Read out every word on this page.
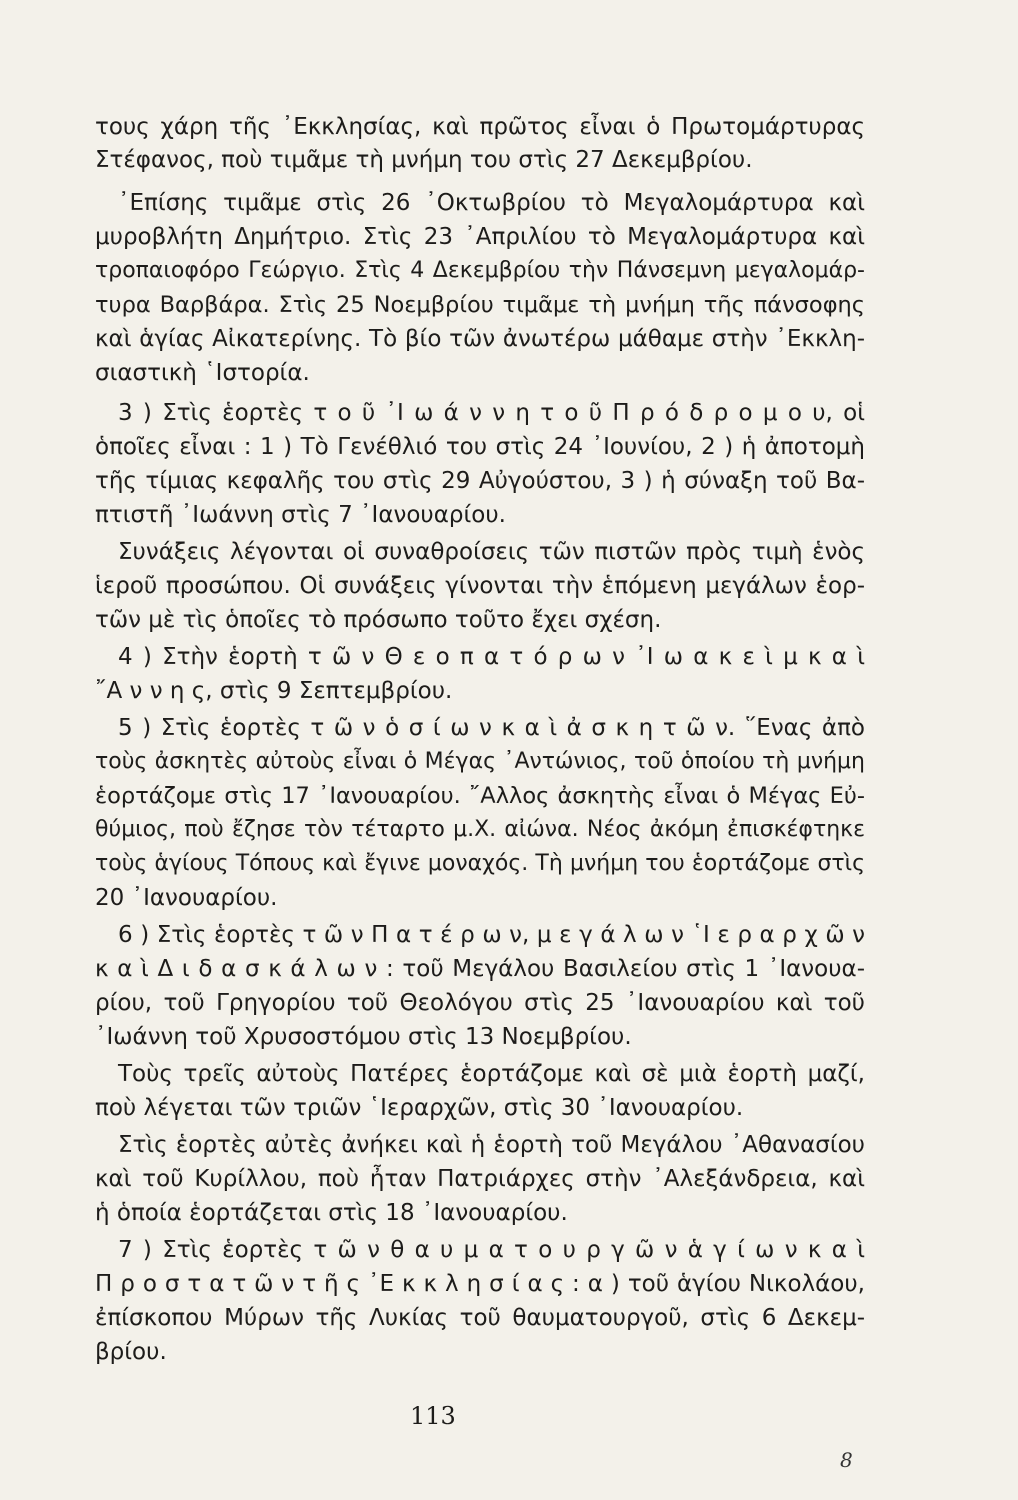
τους χάρη τῆς ᾿Εκκλησίας, καὶ πρῶτος εἶναι ὁ Πρωτομάρτυρας
Στέφανος, ποὺ τιμᾶμε τὴ μνήμη του στὶς 27 Δεκεμβρίου.
᾿Επίσης τιμᾶμε στὶς 26 ᾿Οκτωβρίου τὸ Μεγαλομάρτυρα καὶ
μυροβλήτη Δημήτριο. Στὶς 23 ᾿Απριλίου τὸ Μεγαλομάρτυρα καὶ
τροπαιοφόρο Γεώργιο. Στὶς 4 Δεκεμβρίου τὴν Πάνσεμνη μεγαλομάρ-
τυρα Βαρβάρα. Στὶς 25 Νοεμβρίου τιμᾶμε τὴ μνήμη τῆς πάνσοφης
καὶ ἁγίας Αἰκατερίνης. Τὸ βίο τῶν ἀνωτέρω μάθαμε στὴν ᾿Εκκλη-
σιαστικὴ ῾Ιστορία.
3 ) Στὶς ἑορτὲς τ ο ῦ ᾿Ι ω ά ν ν η τ ο ῦ Π ρ ό δ ρ ο μ ο υ, οἱ
ὁποῖες εἶναι : 1 ) Τὸ Γενέθλιό του στὶς 24 ᾿Ιουνίου, 2 ) ἡ ἀποτομὴ
τῆς τίμιας κεφαλῆς του στὶς 29 Αὐγούστου, 3 ) ἡ σύναξη τοῦ Βα-
πτιστῆ ᾿Ιωάννη στὶς 7 ᾿Ιανουαρίου.
Συνάξεις λέγονται οἱ συναθροίσεις τῶν πιστῶν πρὸς τιμὴ ἑνὸς
ἱεροῦ προσώπου. Οἱ συνάξεις γίνονται τὴν ἑπόμενη μεγάλων ἑορ-
τῶν μὲ τὶς ὁποῖες τὸ πρόσωπο τοῦτο ἔχει σχέση.
4 ) Στὴν ἑορτὴ τ ῶ ν Θ ε ο π α τ ό ρ ω ν ᾿Ι ω α κ ε ὶ μ κ α ὶ
῎Α ν ν η ς, στὶς 9 Σεπτεμβρίου.
5 ) Στὶς ἑορτὲς τ ῶ ν ὁ σ ί ω ν κ α ὶ ἀ σ κ η τ ῶ ν. ῞Ενας ἀπὸ
τοὺς ἀσκητὲς αὐτοὺς εἶναι ὁ Μέγας ᾿Αντώνιος, τοῦ ὁποίου τὴ μνήμη
ἑορτάζομε στὶς 17 ᾿Ιανουαρίου. ῎Αλλος ἀσκητὴς εἶναι ὁ Μέγας Εὐ-
θύμιος, ποὺ ἔζησε τὸν τέταρτο μ.Χ. αἰώνα. Νέος ἀκόμη ἐπισκέφτηκε
τοὺς ἁγίους Τόπους καὶ ἔγινε μοναχός. Τὴ μνήμη του ἑορτάζομε στὶς
20 ᾿Ιανουαρίου.
6 ) Στὶς ἑορτὲς τ ῶ ν Π α τ έ ρ ω ν, μ ε γ ά λ ω ν ῾Ι ε ρ α ρ χ ῶ ν
κ α ὶ Δ ι δ α σ κ ά λ ω ν : τοῦ Μεγάλου Βασιλείου στὶς 1 ᾿Ιανουα-
ρίου, τοῦ Γρηγορίου τοῦ Θεολόγου στὶς 25 ᾿Ιανουαρίου καὶ τοῦ
᾿Ιωάννη τοῦ Χρυσοστόμου στὶς 13 Νοεμβρίου.
Τοὺς τρεῖς αὐτοὺς Πατέρες ἑορτάζομε καὶ σὲ μιὰ ἑορτὴ μαζί,
ποὺ λέγεται τῶν τριῶν ῾Ιεραρχῶν, στὶς 30 ᾿Ιανουαρίου.
Στὶς ἑορτὲς αὐτὲς ἀνήκει καὶ ἡ ἑορτὴ τοῦ Μεγάλου ᾿Αθανασίου
καὶ τοῦ Κυρίλλου, ποὺ ἦταν Πατριάρχες στὴν ᾿Αλεξάνδρεια, καὶ
ἡ ὁποία ἑορτάζεται στὶς 18 ᾿Ιανουαρίου.
7 ) Στὶς ἑορτὲς τ ῶ ν θ α υ μ α τ ο υ ρ γ ῶ ν ἁ γ ί ω ν κ α ὶ
Π ρ ο σ τ α τ ῶ ν τ ῆ ς ᾿Ε κ κ λ η σ ί α ς : α ) τοῦ ἁγίου Νικολάου,
ἐπίσκοπου Μύρων τῆς Λυκίας τοῦ θαυματουργοῦ, στὶς 6 Δεκεμ-
βρίου.
113
8
